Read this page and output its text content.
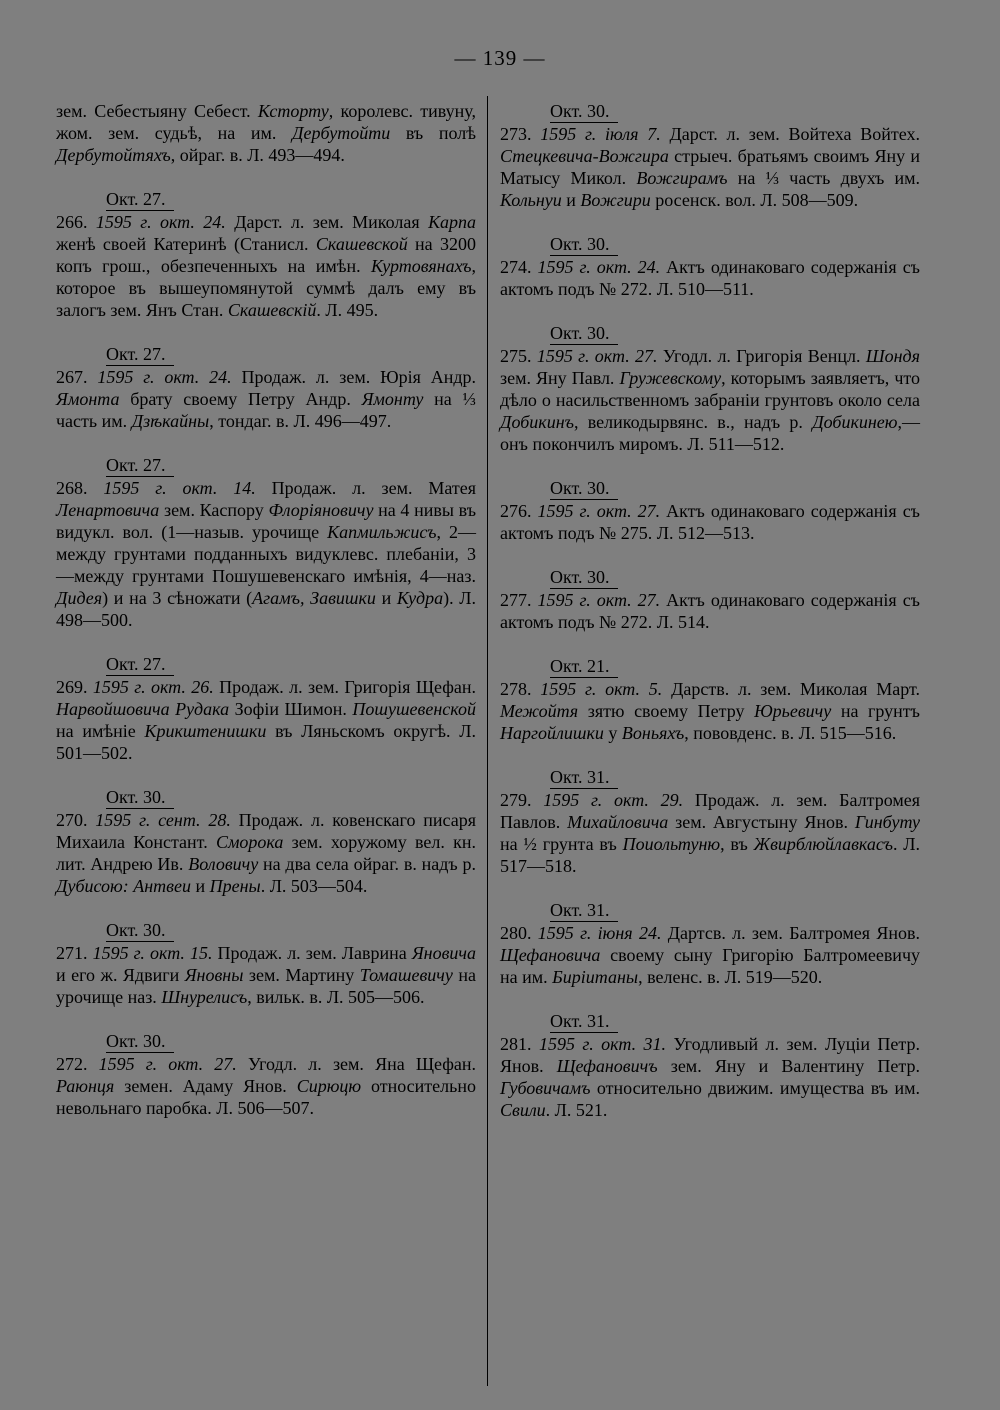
— 139 —
зем. Себестыяну Себест. Ксторту, королевс. тивуну, жом. зем. судьѣ, на им. Дербутойти въ полѣ Дербутойтяхъ, ойраг. в. Л. 493—494.
Окт. 27.
266. 1595 г. окт. 24. Дарст. л. зем. Миколая Карпа женѣ своей Катеринѣ (Станисл. Скашевской на 3200 копъ грош., обезпеченныхъ на имѣн. Куртовянахъ, которое въ вышеупомянутой суммѣ далъ ему въ залогъ зем. Янъ Стан. Скашевскій. Л. 495.
Окт. 27.
267. 1595 г. окт. 24. Продаж. л. зем. Юрія Андр. Ямонта брату своему Петру Андр. Ямонту на ⅓ часть им. Дзѣкайны, тондаг. в. Л. 496—497.
Окт. 27.
268. 1595 г. окт. 14. Продаж. л. зем. Матея Ленартовича зем. Каспору Флоріяновичу на 4 нивы въ видукл. вол. (1—назыв. урочище Капмильжисъ, 2—между грунтами подданныхъ видуклевс. плебаніи, 3—между грунтами Пошушевенскаго имѣнія, 4—наз. Дидея) и на 3 сѣножати (Агамъ, Завишки и Кудра). Л. 498—500.
Окт. 27.
269. 1595 г. окт. 26. Продаж. л. зем. Григорія Щефан. Нарвойшовича Рудака Зофіи Шимон. Пошушевенской на имѣніе Крикштенишки въ Ляньскомъ округѣ. Л. 501—502.
Окт. 30.
270. 1595 г. сент. 28. Продаж. л. ковенскаго писаря Михаила Констант. Сморока зем. хоружому вел. кн. лит. Андрею Ив. Воловичу на два села ойраг. в. надъ р. Дубисою: Антвеи и Прены. Л. 503—504.
Окт. 30.
271. 1595 г. окт. 15. Продаж. л. зем. Лаврина Яновича и его ж. Ядвиги Яновны зем. Мартину Томашевичу на урочище наз. Шнурелисъ, вильк. в. Л. 505—506.
Окт. 30.
272. 1595 г. окт. 27. Угодл. л. зем. Яна Щефан. Раюнця земен. Адаму Янов. Сирюцю относительно невольнаго паробка. Л. 506—507.
Окт. 30.
273. 1595 г. іюля 7. Дарст. л. зем. Войтеха Войтех. Стецкевича-Вожгира стрыеч. братьямъ своимъ Яну и Матысу Микол. Вожгирамъ на ⅓ часть двухъ им. Кольнуи и Вожгири росенск. вол. Л. 508—509.
Окт. 30.
274. 1595 г. окт. 24. Актъ одинаковаго содержанія съ актомъ подъ № 272. Л. 510—511.
Окт. 30.
275. 1595 г. окт. 27. Угодл. л. Григорія Венцл. Шондя зем. Яну Павл. Гружевскому, которымъ заявляетъ, что дѣло о насильственномъ забраніи грунтовъ около села Добикинъ, великодырвянс. в., надъ р. Добикинею,—онъ покончилъ миромъ. Л. 511—512.
Окт. 30.
276. 1595 г. окт. 27. Актъ одинаковаго содержанія съ актомъ подъ № 275. Л. 512—513.
Окт. 30.
277. 1595 г. окт. 27. Актъ одинаковаго содержанія съ актомъ подъ № 272. Л. 514.
Окт. 21.
278. 1595 г. окт. 5. Дарств. л. зем. Миколая Март. Межойтя зятю своему Петру Юрьевичу на грунтъ Наргойлишки у Воньяхъ, пововденс. в. Л. 515—516.
Окт. 31.
279. 1595 г. окт. 29. Продаж. л. зем. Балтромея Павлов. Михайловича зем. Августыну Янов. Гинбуту на ½ грунта въ Поиольтуню, въ Жвирблюйлавкасъ. Л. 517—518.
Окт. 31.
280. 1595 г. іюня 24. Дартсв. л. зем. Балтромея Янов. Щефановича своему сыну Григорію Балтромеевичу на им. Биріитаны, веленс. в. Л. 519—520.
Окт. 31.
281. 1595 г. окт. 31. Угодливый л. зем. Луціи Петр. Янов. Щефановичъ зем. Яну и Валентину Петр. Губовичамъ относительно движим. имущества въ им. Свили. Л. 521.
